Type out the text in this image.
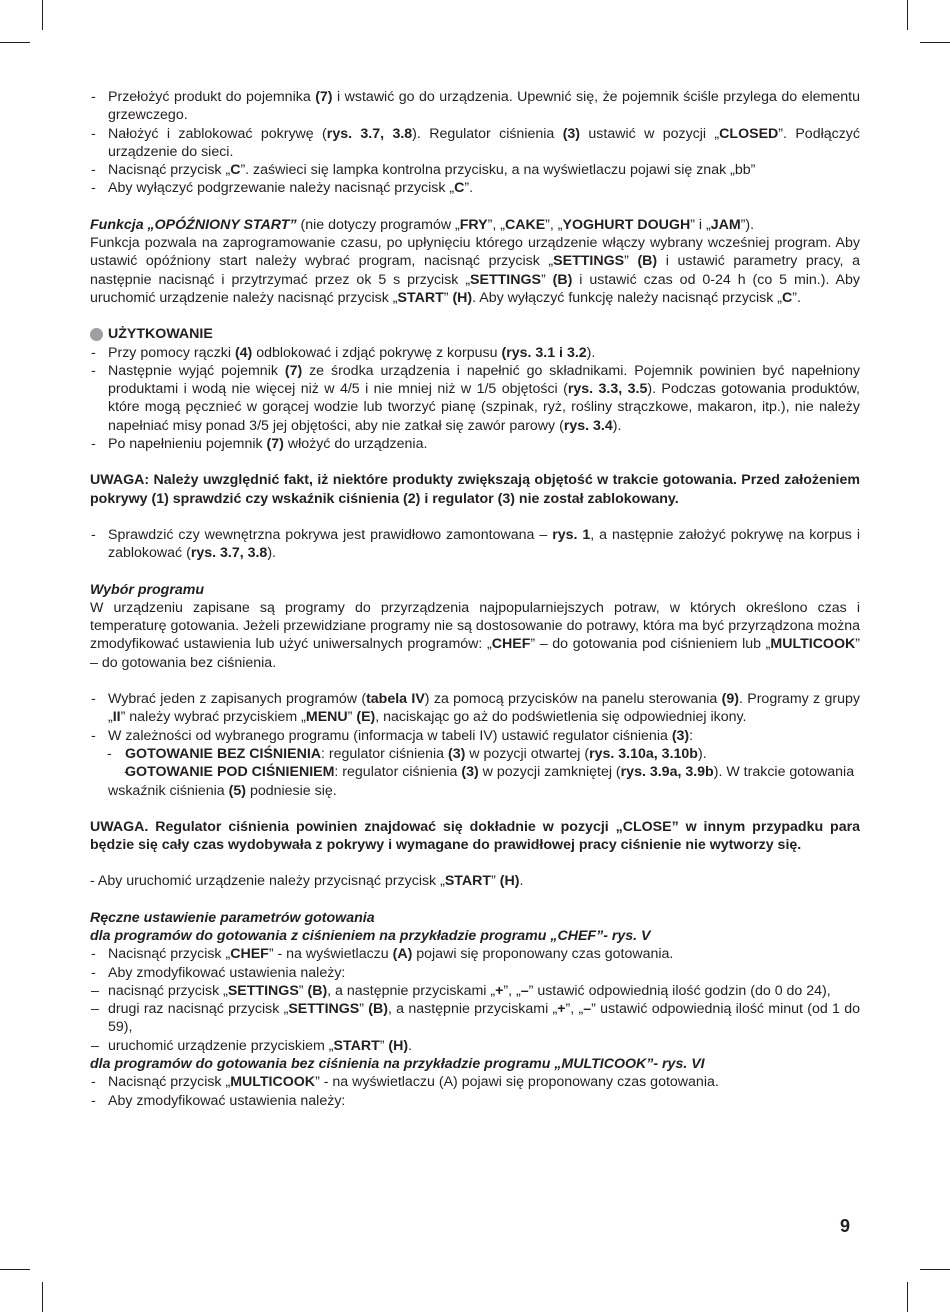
- Przełożyć produkt do pojemnika (7) i wstawić go do urządzenia. Upewnić się, że pojemnik ściśle przylega do elementu grzewczego.
- Nałożyć i zablokować pokrywę (rys. 3.7, 3.8). Regulator ciśnienia (3) ustawić w pozycji „CLOSED”. Podłączyć urządzenie do sieci.
- Nacisnąć przycisk „C”. zaświeci się lampka kontrolna przycisku, a na wyświetlaczu pojawi się znak „bb”
- Aby wyłączyć podgrzewanie należy nacisnąć przycisk „C”.

Funkcja „OPÓŹNIONY START” (nie dotyczy programów „FRY”, „CAKE”, „YOGHURT DOUGH” i „JAM”).

Funkcja pozwala na zaprogramowanie czasu, po upłynięciu którego urządzenie włączy wybrany wcześniej program. Aby ustawić opóźniony start należy wybrać program, nacisnąć przycisk „SETTINGS” (B) i ustawić parametry pracy, a następnie nacisnąć i przytrzymać przez ok 5 s przycisk „SETTINGS” (B) i ustawić czas od 0-24 h (co 5 min.). Aby uruchomić urządzenie należy nacisnąć przycisk „START” (H). Aby wyłączyć funkcję należy nacisnąć przycisk „C”.

UŻYTKOWANIE
- Przy pomocy rączki (4) odblokować i zdjąć pokrywę z korpusu (rys. 3.1 i 3.2).
- Następnie wyjąć pojemnik (7) ze środka urządzenia i napełnić go składnikami. Pojemnik powinien być napełniony produktami i wodą nie więcej niż w 4/5 i nie mniej niż w 1/5 objętości (rys. 3.3, 3.5). Podczas gotowania produktów, które mogą pęcznieć w gorącej wodzie lub tworzyć pianę (szpinak, ryż, rośliny strączkowe, makaron, itp.), nie należy napełniać misy ponad 3/5 jej objętości, aby nie zatkał się zawór parowy (rys. 3.4).
- Po napełnieniu pojemnik (7) włożyć do urządzenia.

UWAGA: Należy uwzględnić fakt, iż niektóre produkty zwiększają objętość w trakcie gotowania. Przed założeniem pokrywy (1) sprawdzić czy wskaźnik ciśnienia (2) i regulator (3) nie został zablokowany.

- Sprawdzić czy wewnętrzna pokrywa jest prawidłowo zamontowana – rys. 1, a następnie założyć pokrywę na korpus i zablokować (rys. 3.7, 3.8).

Wybór programu

W urządzeniu zapisane są programy do przyrządzenia najpopularniejszych potraw, w których określono czas i temperaturę gotowania. Jeżeli przewidziane programy nie są dostosowanie do potrawy, która ma być przyrządzona można zmodyfikować ustawienia lub użyć uniwersalnych programów: „CHEF” – do gotowania pod ciśnieniem lub „MULTICOOK” – do gotowania bez ciśnienia.

- Wybrać jeden z zapisanych programów (tabela IV) za pomocą przycisków na panelu sterowania (9). Programy z grupy „II” należy wybrać przyciskiem „MENU” (E), naciskając go aż do podświetlenia się odpowiedniej ikony.
- W zależności od wybranego programu (informacja w tabeli IV) ustawić regulator ciśnienia (3):
- GOTOWANIE BEZ CIŚNIENIA: regulator ciśnienia (3) w pozycji otwartej (rys. 3.10a, 3.10b).
- GOTOWANIE POD CIŚNIENIEM: regulator ciśnienia (3) w pozycji zamkniętej (rys. 3.9a, 3.9b). W trakcie gotowania wskaźnik ciśnienia (5) podniesie się.

UWAGA. Regulator ciśnienia powinien znajdować się dokładnie w pozycji „CLOSE” w innym przypadku para będzie się cały czas wydobywała z pokrywy i wymagane do prawidłowej pracy ciśnienie nie wytworzy się.

- Aby uruchomić urządzenie należy przycisnąć przycisk „START” (H).

Ręczne ustawienie parametrów gotowania

dla programów do gotowania z ciśnieniem na przykładzie programu „CHEF”- rys. V

- Nacisnąć przycisk „CHEF” - na wyświetlaczu (A) pojawi się proponowany czas gotowania.
- Aby zmodyfikować ustawienia należy:
– nacisnąć przycisk „SETTINGS” (B), a następnie przyciskami „+”, „–” ustawić odpowiednią ilość godzin (do 0 do 24),
– drugi raz nacisnąć przycisk „SETTINGS” (B), a następnie przyciskami „+”, „–” ustawić odpowiednią ilość minut (od 1 do 59),
– uruchomić urządzenie przyciskiem „START” (H).

dla programów do gotowania bez ciśnienia na przykładzie programu „MULTICOOK”- rys. VI

- Nacisnąć przycisk „MULTICOOK” - na wyświetlaczu (A) pojawi się proponowany czas gotowania.
- Aby zmodyfikować ustawienia należy:
9
